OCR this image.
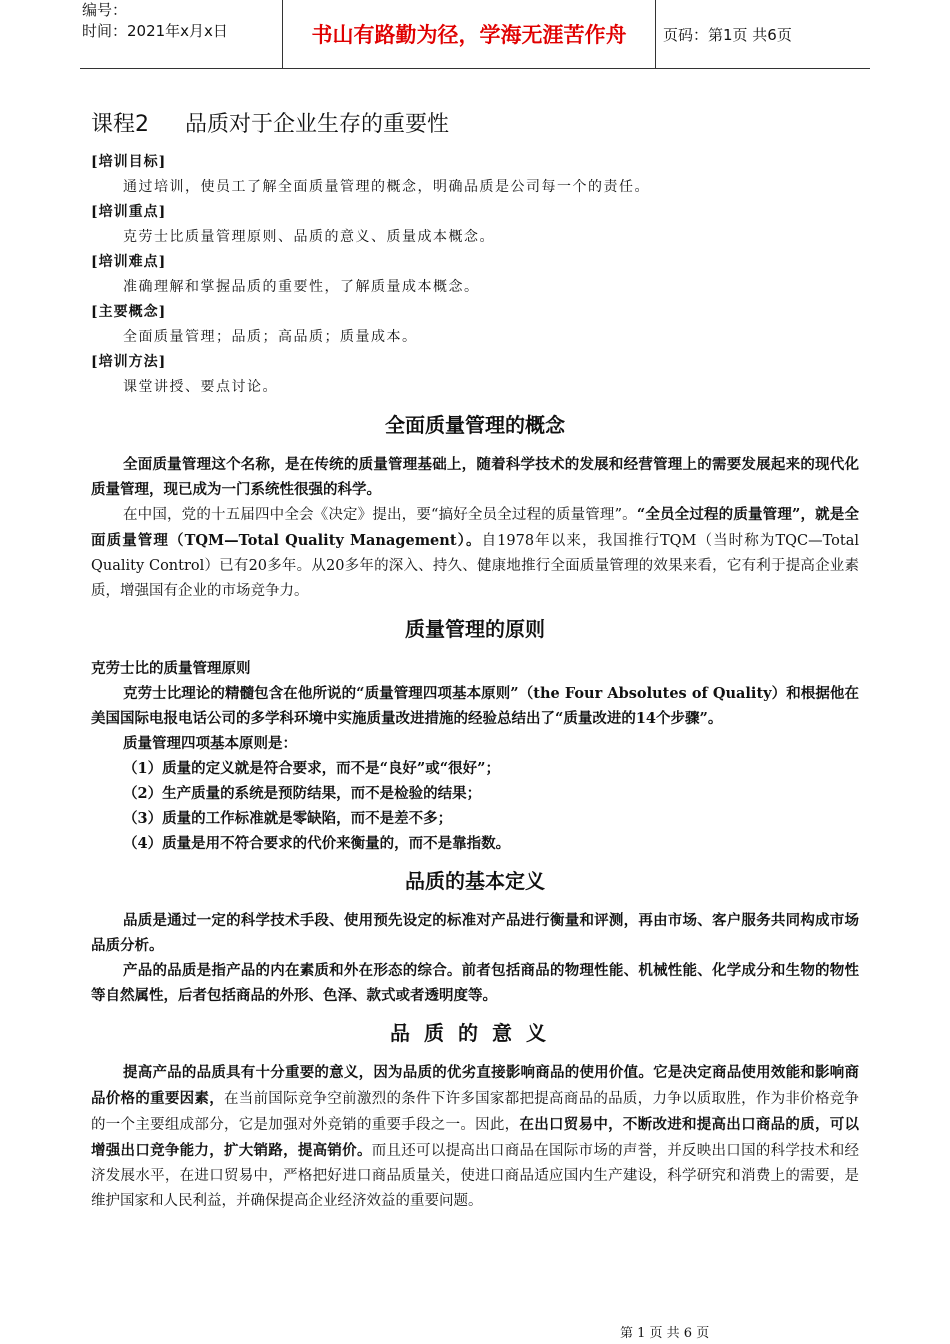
编号：
时间：2021年x月x日	书山有路勤为径，学海无涯苦作舟	页码：第1页 共6页
课程2 品质对于企业生存的重要性
[培训目标]
通过培训，使员工了解全面质量管理的概念，明确品质是公司每一个的责任。
[培训重点]
克劳士比质量管理原则、品质的意义、质量成本概念。
[培训难点]
准确理解和掌握品质的重要性，了解质量成本概念。
[主要概念]
全面质量管理；品质；高品质；质量成本。
[培训方法]
课堂讲授、要点讨论。
全面质量管理的概念

全面质量管理这个名称，是在传统的质量管理基础上，随着科学技术的发展和经营管理上的需要发展起来的现代化质量管理，现已成为一门系统性很强的科学。

在中国，党的十五届四中全会《决定》提出，要“搞好全员全过程的质量管理”。“全员全过程的质量管理”，就是全面质量管理（TQM—Total Quality Management）。自1978年以来，我国推行TQM（当时称为TQC—Total Quality Control）已有20多年。从20多年的深入、持久、健康地推行全面质量管理的效果来看，它有利于提高企业素质，增强国有企业的市场竞争力。

质量管理的原则
克劳士比的质量管理原则

克劳士比理论的精髓包含在他所说的“质量管理四项基本原则”（the Four Absolutes of Quality）和根据他在美国国际电报电话公司的多学科环境中实施质量改进措施的经验总结出了“质量改进的14个步骤”。

质量管理四项基本原则是：
（1）质量的定义就是符合要求，而不是“良好”或“很好”；
（2）生产质量的系统是预防结果，而不是检验的结果；
（3）质量的工作标准就是零缺陷，而不是差不多；
（4）质量是用不符合要求的代价来衡量的，而不是靠指数。
品质的基本定义

品质是通过一定的科学技术手段、使用预先设定的标准对产品进行衡量和评测，再由市场、客户服务共同构成市场品质分析。

产品的品质是指产品的内在素质和外在形态的综合。前者包括商品的物理性能、机械性能、化学成分和生物的物性等自然属性，后者包括商品的外形、色泽、款式或者透明度等。

品质的意义

提高产品的品质具有十分重要的意义，因为品质的优劣直接影响商品的使用价值。它是决定商品使用效能和影响商品价格的重要因素，在当前国际竞争空前激烈的条件下许多国家都把提高商品的品质，力争以质取胜，作为非价格竞争的一个主要组成部分，它是加强对外竞销的重要手段之一。因此，在出口贸易中，不断改进和提高出口商品的质，可以增强出口竞争能力，扩大销路，提高销价。而且还可以提高出口商品在国际市场的声誉，并反映出口国的科学技术和经济发展水平，在进口贸易中，严格把好进口商品质量关，使进口商品适应国内生产建设，科学研究和消费上的需要，是维护国家和人民利益，并确保提高企业经济效益的重要问题。

第 1 页 共 6 页
